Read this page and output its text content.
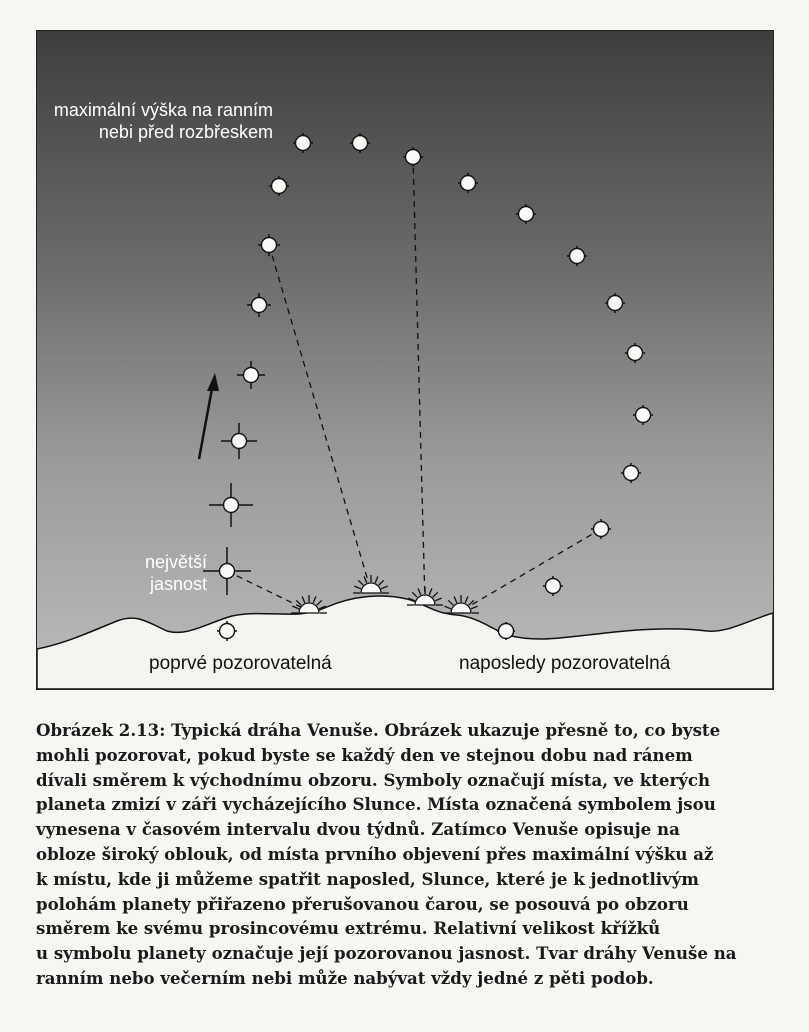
maximální výška na ranním
nebi před rozbřeskem
největší
jasnost
poprvé pozorovatelná	naposledy pozorovatelná
Obrázek 2.13: Typická dráha Venuše. Obrázek ukazuje přesně to, co byste
mohli pozorovat, pokud byste se každý den ve stejnou dobu nad ránem
dívali směrem k východnímu obzoru. Symboly označují místa, ve kterých
planeta zmizí v záři vycházejícího Slunce. Místa označená symbolem jsou
vynesena v časovém intervalu dvou týdnů. Zatímco Venuše opisuje na
obloze široký oblouk, od místa prvního objevení přes maximální výšku až
k místu, kde ji můžeme spatřit naposled, Slunce, které je k jednotlivým
polohám planety přiřazeno přerušovanou čarou, se posouvá po obzoru
směrem ke svému prosincovému extrému. Relativní velikost křížků
u symbolu planety označuje její pozorovanou jasnost. Tvar dráhy Venuše na
ranním nebo večerním nebi může nabývat vždy jedné z pěti podob.
